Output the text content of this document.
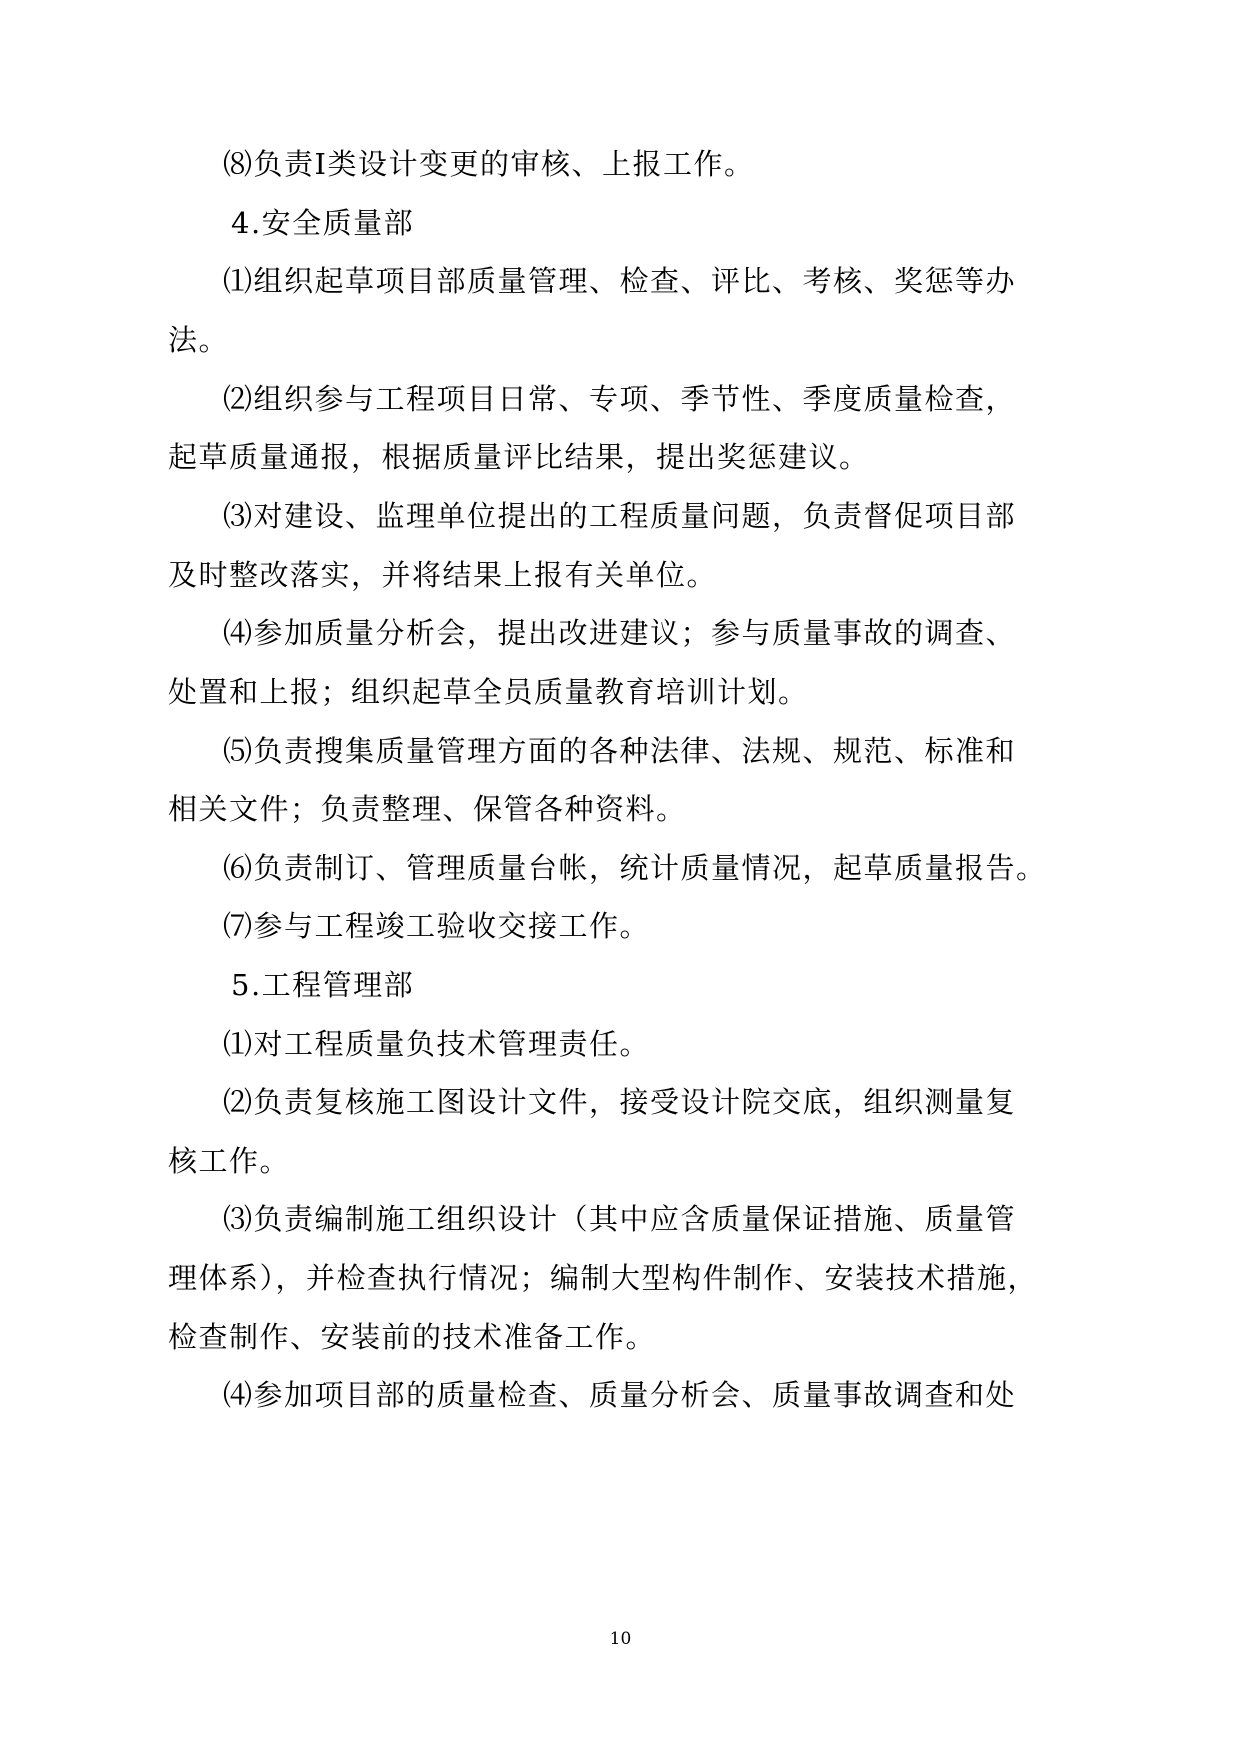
⑻负责Ⅰ类设计变更的审核、上报工作。
4.安全质量部
⑴组织起草项目部质量管理、检查、评比、考核、奖惩等办
法。
⑵组织参与工程项目日常、专项、季节性、季度质量检查，
起草质量通报，根据质量评比结果，提出奖惩建议。
⑶对建设、监理单位提出的工程质量问题，负责督促项目部
及时整改落实，并将结果上报有关单位。
⑷参加质量分析会，提出改进建议；参与质量事故的调查、
处置和上报；组织起草全员质量教育培训计划。
⑸负责搜集质量管理方面的各种法律、法规、规范、标准和
相关文件；负责整理、保管各种资料。
⑹负责制订、管理质量台帐，统计质量情况，起草质量报告。
⑺参与工程竣工验收交接工作。
5.工程管理部
⑴对工程质量负技术管理责任。
⑵负责复核施工图设计文件，接受设计院交底，组织测量复
核工作。
⑶负责编制施工组织设计（其中应含质量保证措施、质量管
理体系），并检查执行情况；编制大型构件制作、安装技术措施，
检查制作、安装前的技术准备工作。
⑷参加项目部的质量检查、质量分析会、质量事故调查和处
10
